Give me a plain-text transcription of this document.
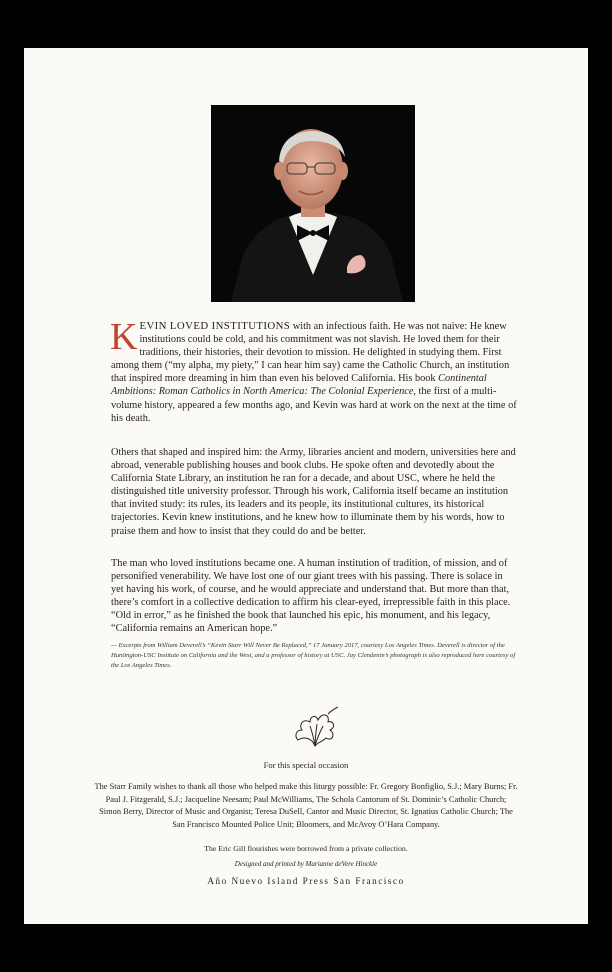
KEVIN LOVED INSTITUTIONS with an infectious faith. He was not naive: He knew institutions could be cold, and his commitment was not slavish. He loved them for their traditions, their histories, their devotion to mission. He delighted in studying them. First among them (“my alpha, my piety,” I can hear him say) came the Catholic Church, an institution that inspired more dreaming in him than even his beloved California. His book Continental Ambitions: Roman Catholics in North America: The Colonial Experience, the first of a multi-volume history, appeared a few months ago, and Kevin was hard at work on the next at the time of his death.

Others that shaped and inspired him: the Army, libraries ancient and modern, universities here and abroad, venerable publishing houses and book clubs. He spoke often and devotedly about the California State Library, an institution he ran for a decade, and about USC, where he held the distinguished title university professor. Through his work, California itself became an institution that invited study: its rules, its leaders and its people, its institutional cultures, its historical trajectories. Kevin knew institutions, and he knew how to illuminate them by his words, how to praise them and how to insist that they could do and be better.

The man who loved institutions became one. A human institution of tradition, of mission, and of personified venerability. We have lost one of our giant trees with his passing. There is solace in yet having his work, of course, and he would appreciate and understand that. But more than that, there’s comfort in a collective dedication to affirm his clear-eyed, irrepressible faith in this place. “Old in error,” as he finished the book that launched his epic, his monument, and his legacy, “California remains an American hope.”

— Excerpts from William Deverell’s “Kevin Starr Will Never Be Replaced,” 17 January 2017, courtesy Los Angeles Times. Deverell is director of the Huntington-USC Institute on California and the West, and a professor of history at USC. Jay Clendenin’s photograph is also reproduced here courtesy of the Los Angeles Times.

For this special occasion

The Starr Family wishes to thank all those who helped make this liturgy possible: Fr. Gregory Bonfiglio, S.J.; Mary Burns; Fr. Paul J. Fitzgerald, S.J.; Jacqueline Neesam; Paul McWilliams, The Schola Cantorum of St. Dominic’s Catholic Church; Simon Berry, Director of Music and Organist; Teresa DuSell, Cantor and Music Director, St. Ignatius Catholic Church; The San Francisco Mounted Police Unit; Bloomers, and McAvoy O’Hara Company.

The Eric Gill flourishes were borrowed from a private collection.

Designed and printed by Marianne deVere Hinckle

Año Nuevo Island Press San Francisco
